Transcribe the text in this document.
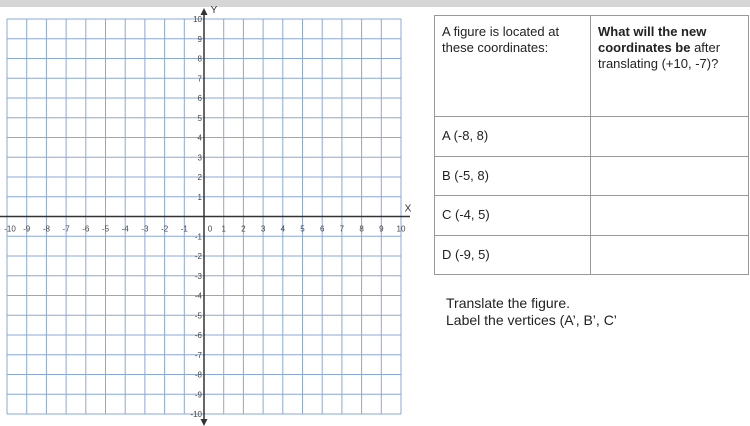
X
Y
-10 -9 -8 -7 -6 -5 -4 -3 -2 -1 0 1 2 3 4 5 6 7 8 9 10
-10
-9
-8
-7
-6
-5
-4
-3
-2
-1
1
2
3
4
5
6
7
8
9
10
A figure is located at these coordinates:	What will the new coordinates be after translating (+10, -7)?
A (-8, 8)	
B (-5, 8)	
C (-4, 5)	
D (-9, 5)	
Translate the figure.
Label the vertices (A’, B’, C’
